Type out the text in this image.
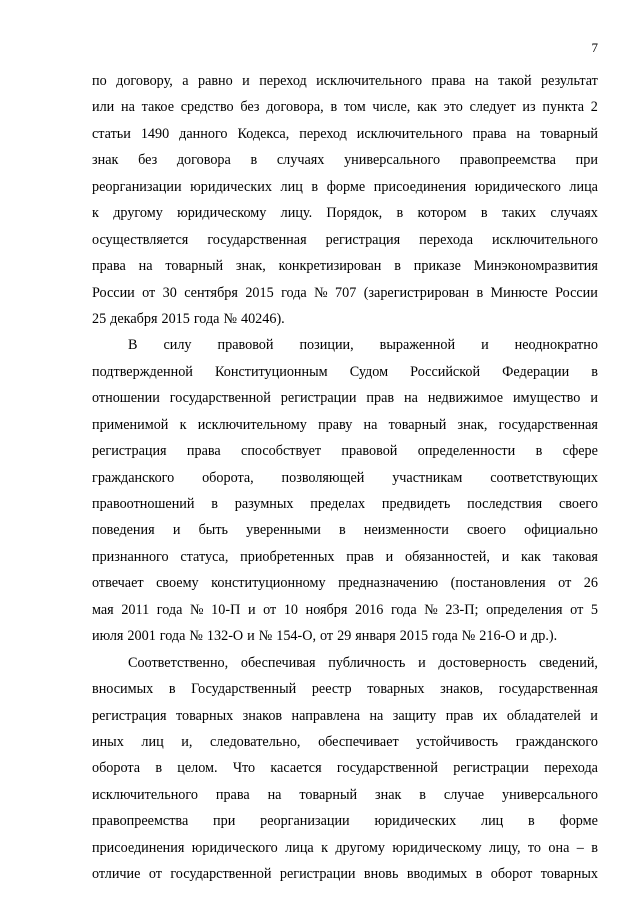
7
по договору, а равно и переход исключительного права на такой результат
или на такое средство без договора, в том числе, как это следует из пункта 2
статьи 1490 данного Кодекса, переход исключительного права на товарный
знак без договора в случаях универсального правопреемства при
реорганизации юридических лиц в форме присоединения юридического лица
к другому юридическому лицу. Порядок, в котором в таких случаях
осуществляется государственная регистрация перехода исключительного
права на товарный знак, конкретизирован в приказе Минэкономразвития
России от 30 сентября 2015 года № 707 (зарегистрирован в Минюсте России
25 декабря 2015 года № 40246).
В силу правовой позиции, выраженной и неоднократно
подтвержденной Конституционным Судом Российской Федерации в
отношении государственной регистрации прав на недвижимое имущество и
применимой к исключительному праву на товарный знак, государственная
регистрация права способствует правовой определенности в сфере
гражданского оборота, позволяющей участникам соответствующих
правоотношений в разумных пределах предвидеть последствия своего
поведения и быть уверенными в неизменности своего официально
признанного статуса, приобретенных прав и обязанностей, и как таковая
отвечает своему конституционному предназначению (постановления от 26
мая 2011 года № 10-П и от 10 ноября 2016 года № 23-П; определения от 5
июля 2001 года № 132-О и № 154-О, от 29 января 2015 года № 216-О и др.).
Соответственно, обеспечивая публичность и достоверность сведений,
вносимых в Государственный реестр товарных знаков, государственная
регистрация товарных знаков направлена на защиту прав их обладателей и
иных лиц и, следовательно, обеспечивает устойчивость гражданского
оборота в целом. Что касается государственной регистрации перехода
исключительного права на товарный знак в случае универсального
правопреемства при реорганизации юридических лиц в форме
присоединения юридического лица к другому юридическому лицу, то она – в
отличие от государственной регистрации вновь вводимых в оборот товарных
